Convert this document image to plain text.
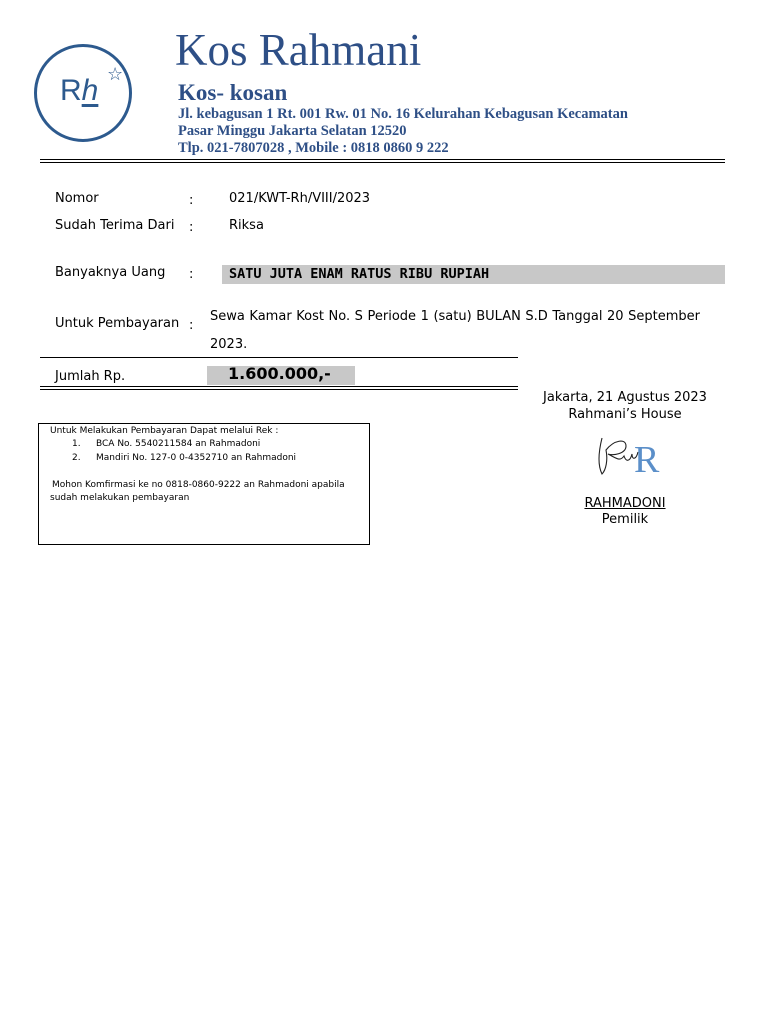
Rh ☆ Kos Rahmani
Kos- kosan
Jl. kebagusan 1 Rt. 001 Rw. 01 No. 16 Kelurahan Kebagusan Kecamatan
Pasar Minggu Jakarta Selatan 12520
Tlp. 021-7807028 , Mobile : 0818 0860 9 222
Nomor	:	021/KWT-Rh/VIII/2023
Sudah Terima Dari :	Riksa
Banyaknya Uang :	SATU JUTA ENAM RATUS RIBU RUPIAH
Untuk Pembayaran :
Sewa Kamar Kost No. S Periode 1 (satu) BULAN S.D Tanggal 20 September 2023.
Jumlah Rp.	1.600.000,-
Jakarta, 21 Agustus 2023
Rahmani’s House
R
RAHMADONI
Pemilik
Untuk Melakukan Pembayaran Dapat melalui Rek :
1. BCA No. 5540211584 an Rahmadoni
2. Mandiri No. 127-0 0-4352710 an Rahmadoni
Mohon Komfirmasi ke no 0818-0860-9222 an Rahmadoni apabila
sudah melakukan pembayaran
